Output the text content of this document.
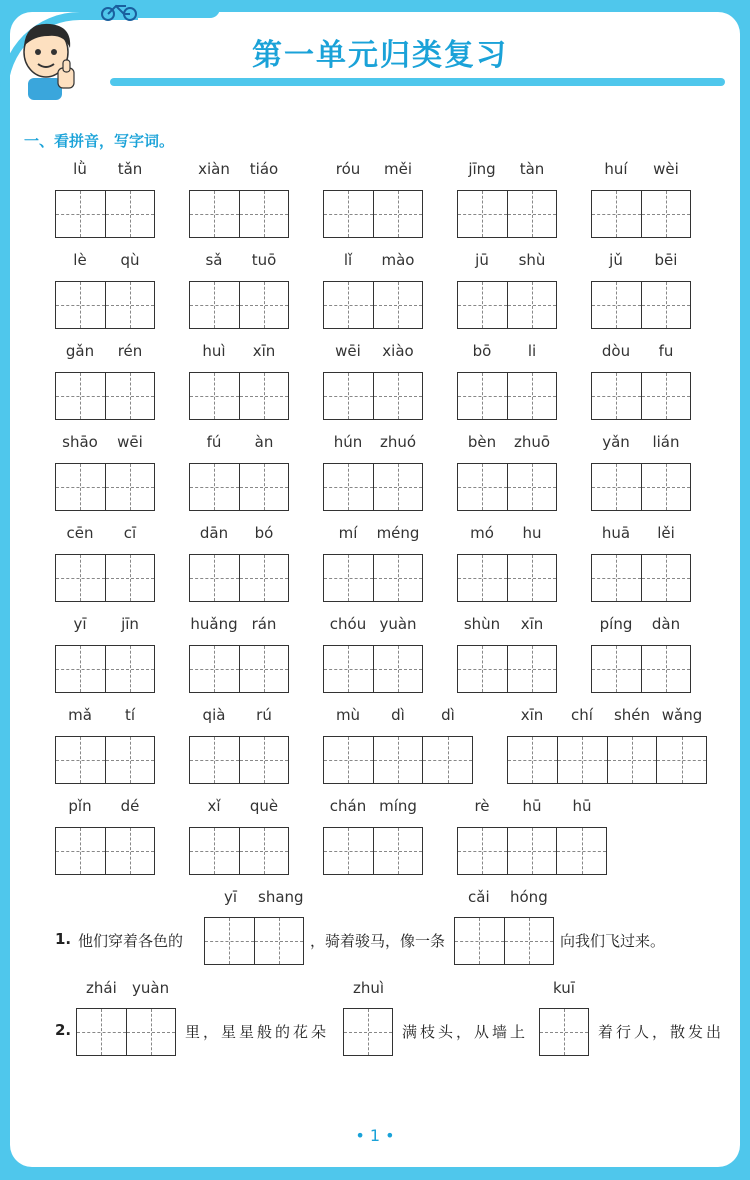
第一单元归类复习
一、看拼音，写字词。
lǜ tǎn	xiàn tiáo	róu měi	jīng tàn	huí wèi
lè qù	sǎ tuō	lǐ mào	jū shù	jǔ bēi
gǎn rén	huì xīn	wēi xiào	bō li	dòu fu
shāo wēi	fú àn	hún zhuó	bèn zhuō	yǎn lián
cēn cī	dān bó	mí méng	mó hu	huā lěi
yī jīn	huǎng rán	chóu yuàn	shùn xīn	píng dàn
mǎ tí	qià rú	mù dì dì	xīn chí shén wǎng
pǐn dé	xǐ què	chán míng	rè hū hū
1.
yī shang
他们穿着各色的	，骑着骏马，像一条
cǎi hóng
向我们飞过来。
2.
zhái yuàn
里，星星般的花朵
zhuì
满枝头，从墙上
kuī
着行人，散发出
• 1 •
